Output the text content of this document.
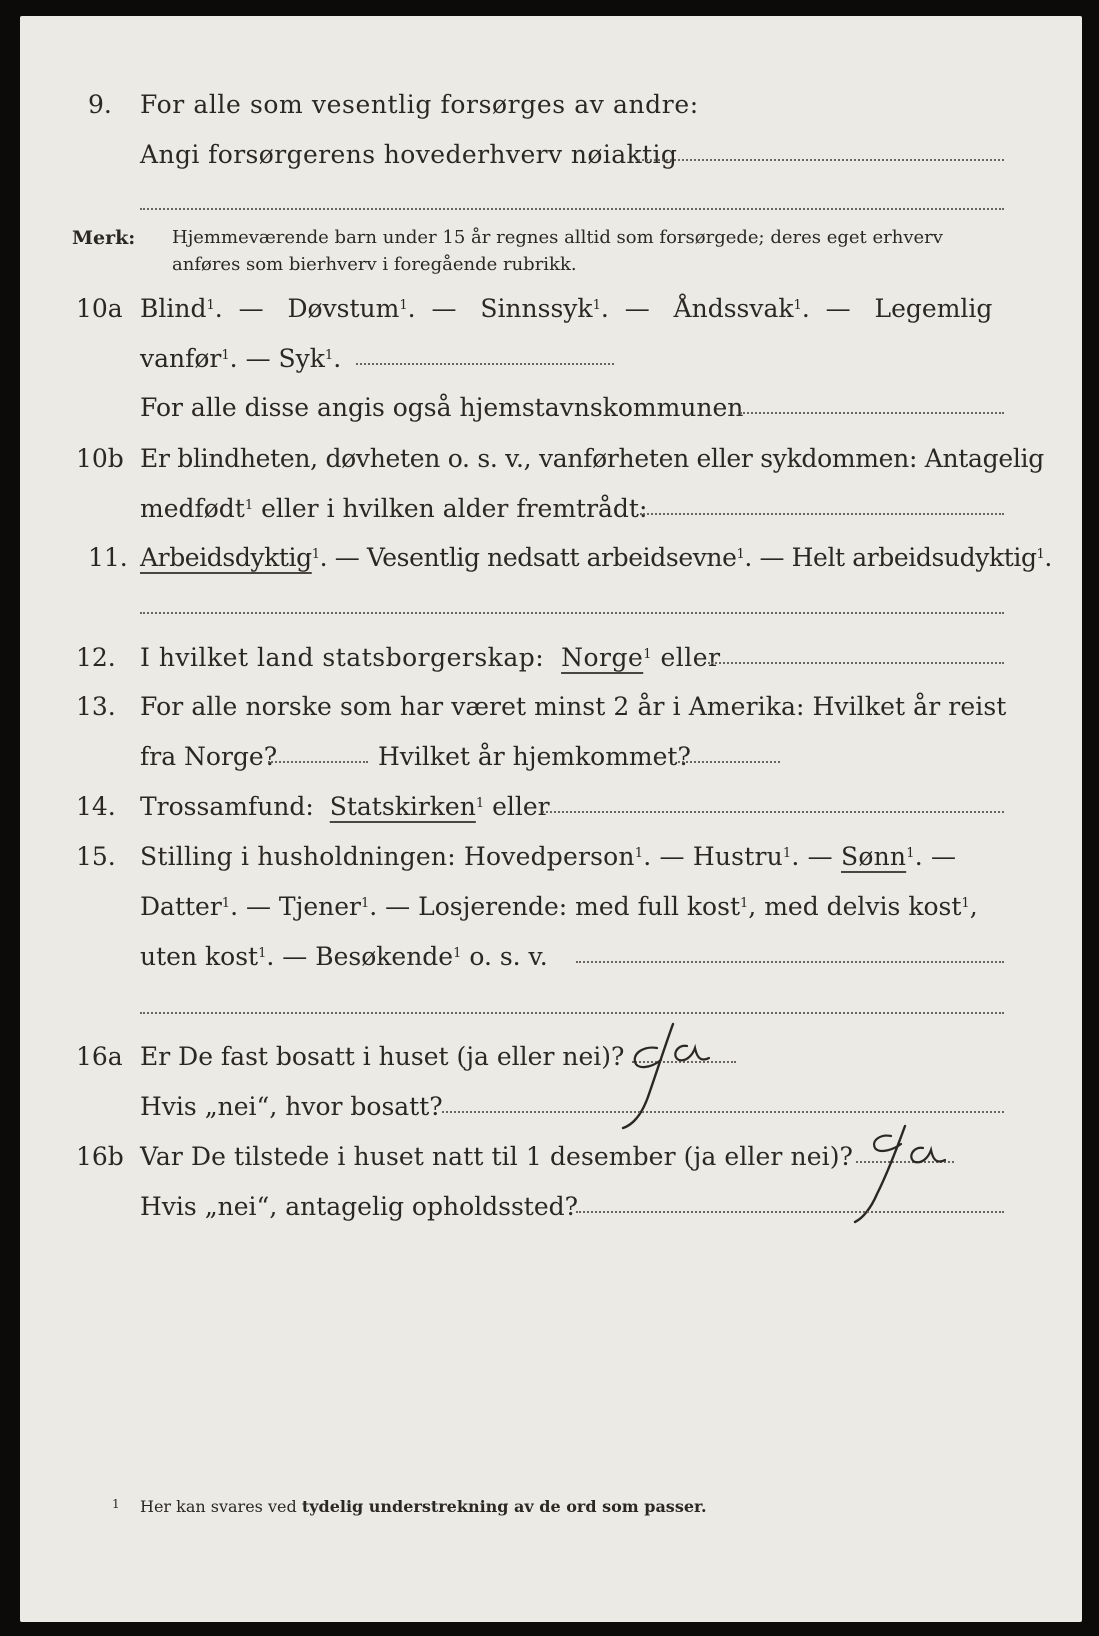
9. For alle som vesentlig forsørges av andre:
Angi forsørgerens hovederhverv nøiaktig
Merk: Hjemmeværende barn under 15 år regnes alltid som forsørgede; deres eget erhverv
anføres som bierhverv i foregående rubrikk.
10a Blind$^1$.  —   Døvstum$^1$.  —   Sinnssyk$^1$.  —   Åndssvak$^1$.  —   Legemlig
vanfør$^1$. — Syk$^1$.
For alle disse angis også hjemstavnskommunen
10b Er blindheten, døvheten o. s. v., vanførheten eller sykdommen: Antagelig
medfødt$^1$ eller i hvilken alder fremtrådt:
11. Arbeidsdyktig$^1$. — Vesentlig nedsatt arbeidsevne$^1$. — Helt arbeidsudyktig$^1$.
12. I hvilket land statsborgerskap: Norge$^1$ eller
13. For alle norske som har været minst 2 år i Amerika: Hvilket år reist
fra Norge?	Hvilket år hjemkommet?
14. Trossamfund: Statskirken$^1$ eller
15. Stilling i husholdningen: Hovedperson$^1$. — Hustru$^1$. — Sønn$^1$. —
Datter$^1$. — Tjener$^1$. — Losjerende: med full kost$^1$, med delvis kost$^1$,
uten kost$^1$. — Besøkende$^1$ o. s. v.
16a Er De fast bosatt i huset (ja eller nei)?
Hvis „nei“, hvor bosatt?
16b Var De tilstede i huset natt til 1 desember (ja eller nei)?
Hvis „nei“, antagelig opholdssted?
$^1$ Her kan svares ved tydelig understrekning av de ord som passer.
